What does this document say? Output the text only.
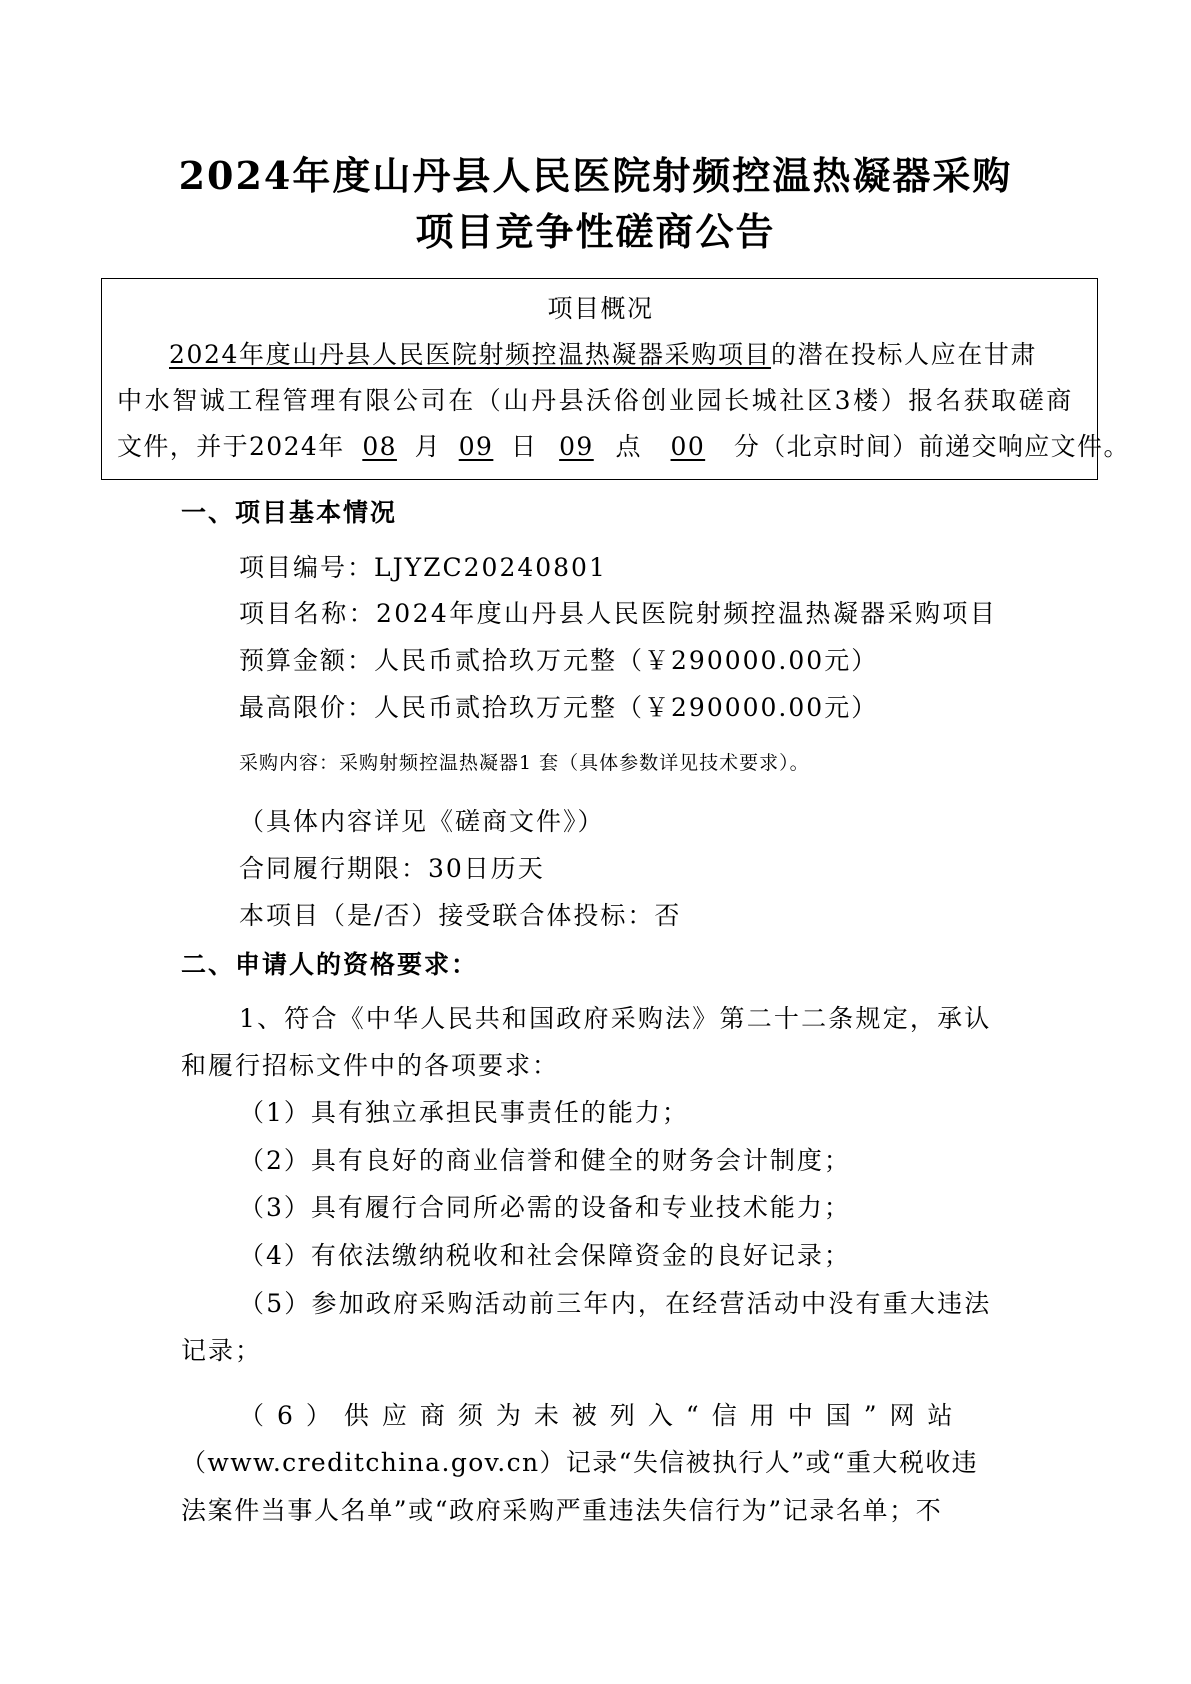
2024年度山丹县人民医院射频控温热凝器采购
项目竞争性磋商公告
项目概况
2024年度山丹县人民医院射频控温热凝器采购项目的潜在投标人应在甘肃
中水智诚工程管理有限公司在（山丹县沃俗创业园长城社区3楼）报名获取磋商
文件，并于2024年 08 月 09 日 09 点 00 分（北京时间）前递交响应文件。
一、项目基本情况
项目编号：LJYZC20240801
项目名称：2024年度山丹县人民医院射频控温热凝器采购项目
预算金额：人民币贰拾玖万元整（￥290000.00元）
最高限价：人民币贰拾玖万元整（￥290000.00元）
采购内容：采购射频控温热凝器1 套（具体参数详见技术要求）。
（具体内容详见《磋商文件》）
合同履行期限：30日历天
本项目（是/否）接受联合体投标：否
二、申请人的资格要求：
1、符合《中华人民共和国政府采购法》第二十二条规定，承认
和履行招标文件中的各项要求：
（1）具有独立承担民事责任的能力；
（2）具有良好的商业信誉和健全的财务会计制度；
（3）具有履行合同所必需的设备和专业技术能力；
（4）有依法缴纳税收和社会保障资金的良好记录；
（5）参加政府采购活动前三年内，在经营活动中没有重大违法
记录；
（6）供应商须为未被列入“信用中国”网站
（www.creditchina.gov.cn）记录“失信被执行人”或“重大税收违
法案件当事人名单”或“政府采购严重违法失信行为”记录名单；不
